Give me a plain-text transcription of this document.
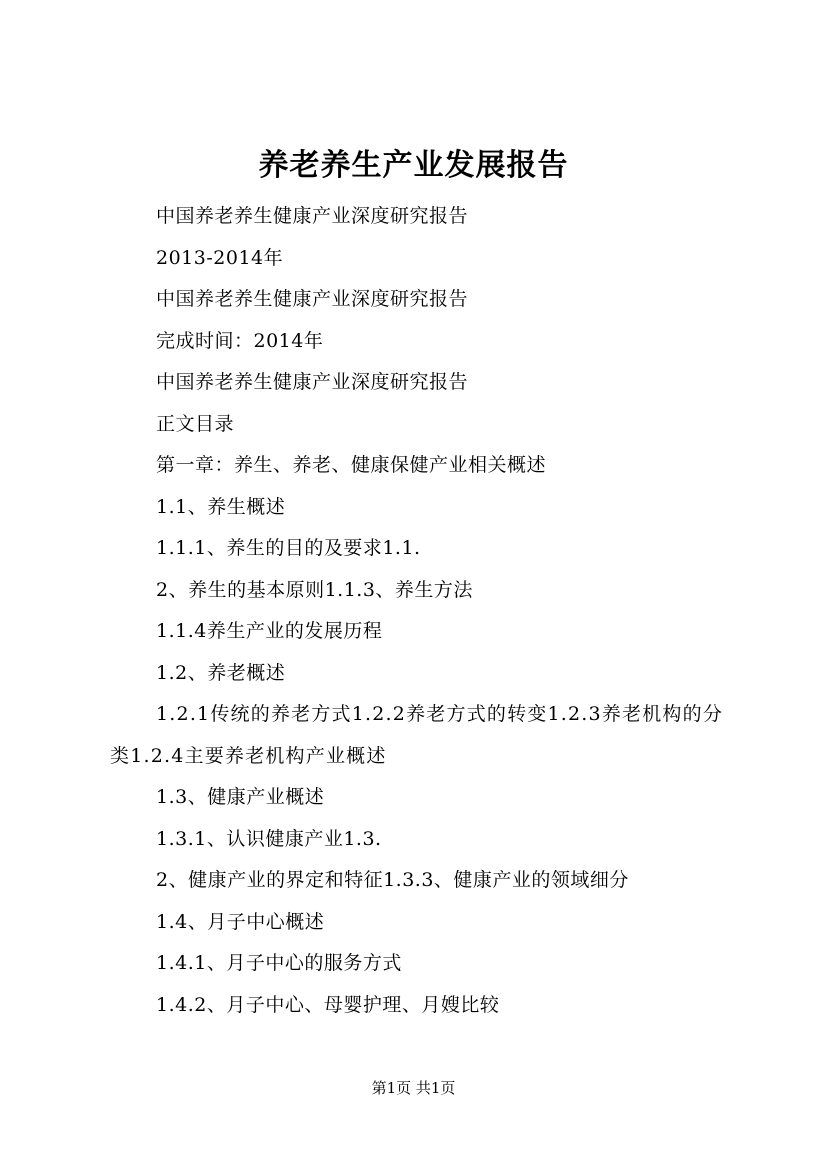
养老养生产业发展报告

中国养老养生健康产业深度研究报告

2013-2014年

中国养老养生健康产业深度研究报告

完成时间：2014年

中国养老养生健康产业深度研究报告

正文目录

第一章：养生、养老、健康保健产业相关概述

1.1、养生概述

1.1.1、养生的目的及要求1.1.

2、养生的基本原则1.1.3、养生方法

1.1.4养生产业的发展历程

1.2、养老概述

1.2.1传统的养老方式1.2.2养老方式的转变1.2.3养老机构的分类1.2.4主要养老机构产业概述

1.3、健康产业概述

1.3.1、认识健康产业1.3.

2、健康产业的界定和特征1.3.3、健康产业的领域细分

1.4、月子中心概述

1.4.1、月子中心的服务方式

1.4.2、月子中心、母婴护理、月嫂比较

第1页 共1页
